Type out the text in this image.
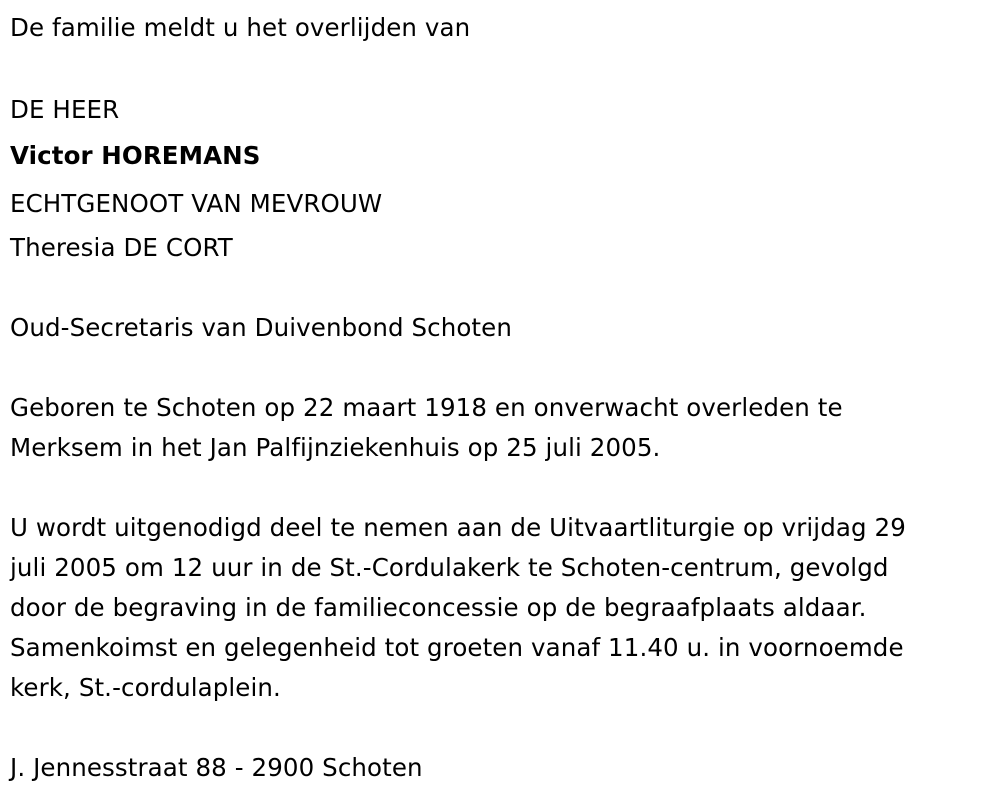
De familie meldt u het overlijden van
DE HEER
Victor HOREMANS
ECHTGENOOT VAN MEVROUW
Theresia DE CORT
Oud-Secretaris van Duivenbond Schoten
Geboren te Schoten op 22 maart 1918 en onverwacht overleden te
Merksem in het Jan Palfijnziekenhuis op 25 juli 2005.
U wordt uitgenodigd deel te nemen aan de Uitvaartliturgie op vrijdag 29
juli 2005 om 12 uur in de St.-Cordulakerk te Schoten-centrum, gevolgd
door de begraving in de familieconcessie op de begraafplaats aldaar.
Samenkoimst en gelegenheid tot groeten vanaf 11.40 u. in voornoemde
kerk, St.-cordulaplein.
J. Jennesstraat 88 - 2900 Schoten
